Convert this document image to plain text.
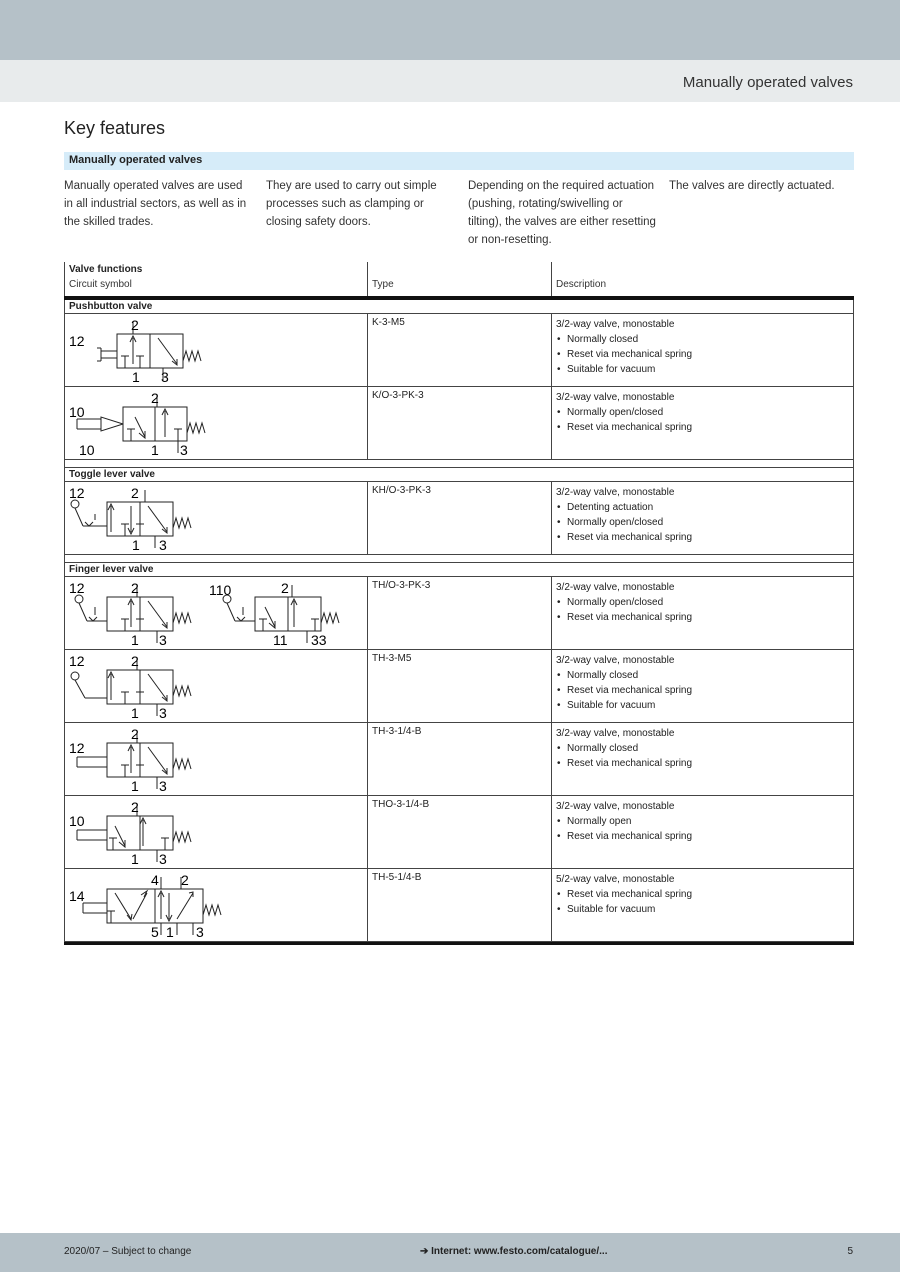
Manually operated valves
Key features
Manually operated valves
Manually operated valves are used in all industrial sectors, as well as in the skilled trades.
They are used to carry out simple processes such as clamping or closing safety doors.
Depending on the required actuation (pushing, rotating/swivelling or tilting), the valves are either resetting or non-resetting.
The valves are directly actuated.
Valve functions
Circuit symbol	Type	Description
Pushbutton valve
12
2
1 3
K-3-M5	3/2-way valve, monostable
• Normally closed
• Reset via mechanical spring
• Suitable for vacuum
10
2
10	1 3
K/O-3-PK-3	3/2-way valve, monostable
• Normally open/closed
• Reset via mechanical spring
Toggle lever valve
12	2
1 3
KH/O-3-PK-3	3/2-way valve, monostable
• Detenting actuation
• Normally open/closed
• Reset via mechanical spring
Finger lever valve
12	2
1 3
110	2
11 33
TH/O-3-PK-3	3/2-way valve, monostable
• Normally open/closed
• Reset via mechanical spring
12	2
1 3
TH-3-M5	3/2-way valve, monostable
• Normally closed
• Reset via mechanical spring
• Suitable for vacuum
12
2
1 3
TH-3-1/4-B	3/2-way valve, monostable
• Normally closed
• Reset via mechanical spring
10
2
1 3
THO-3-1/4-B	3/2-way valve, monostable
• Normally open
• Reset via mechanical spring
14
4 2
5 1 3
TH-5-1/4-B	5/2-way valve, monostable
• Reset via mechanical spring
• Suitable for vacuum
2020/07 – Subject to change	➔ Internet: www.festo.com/catalogue/...	5
